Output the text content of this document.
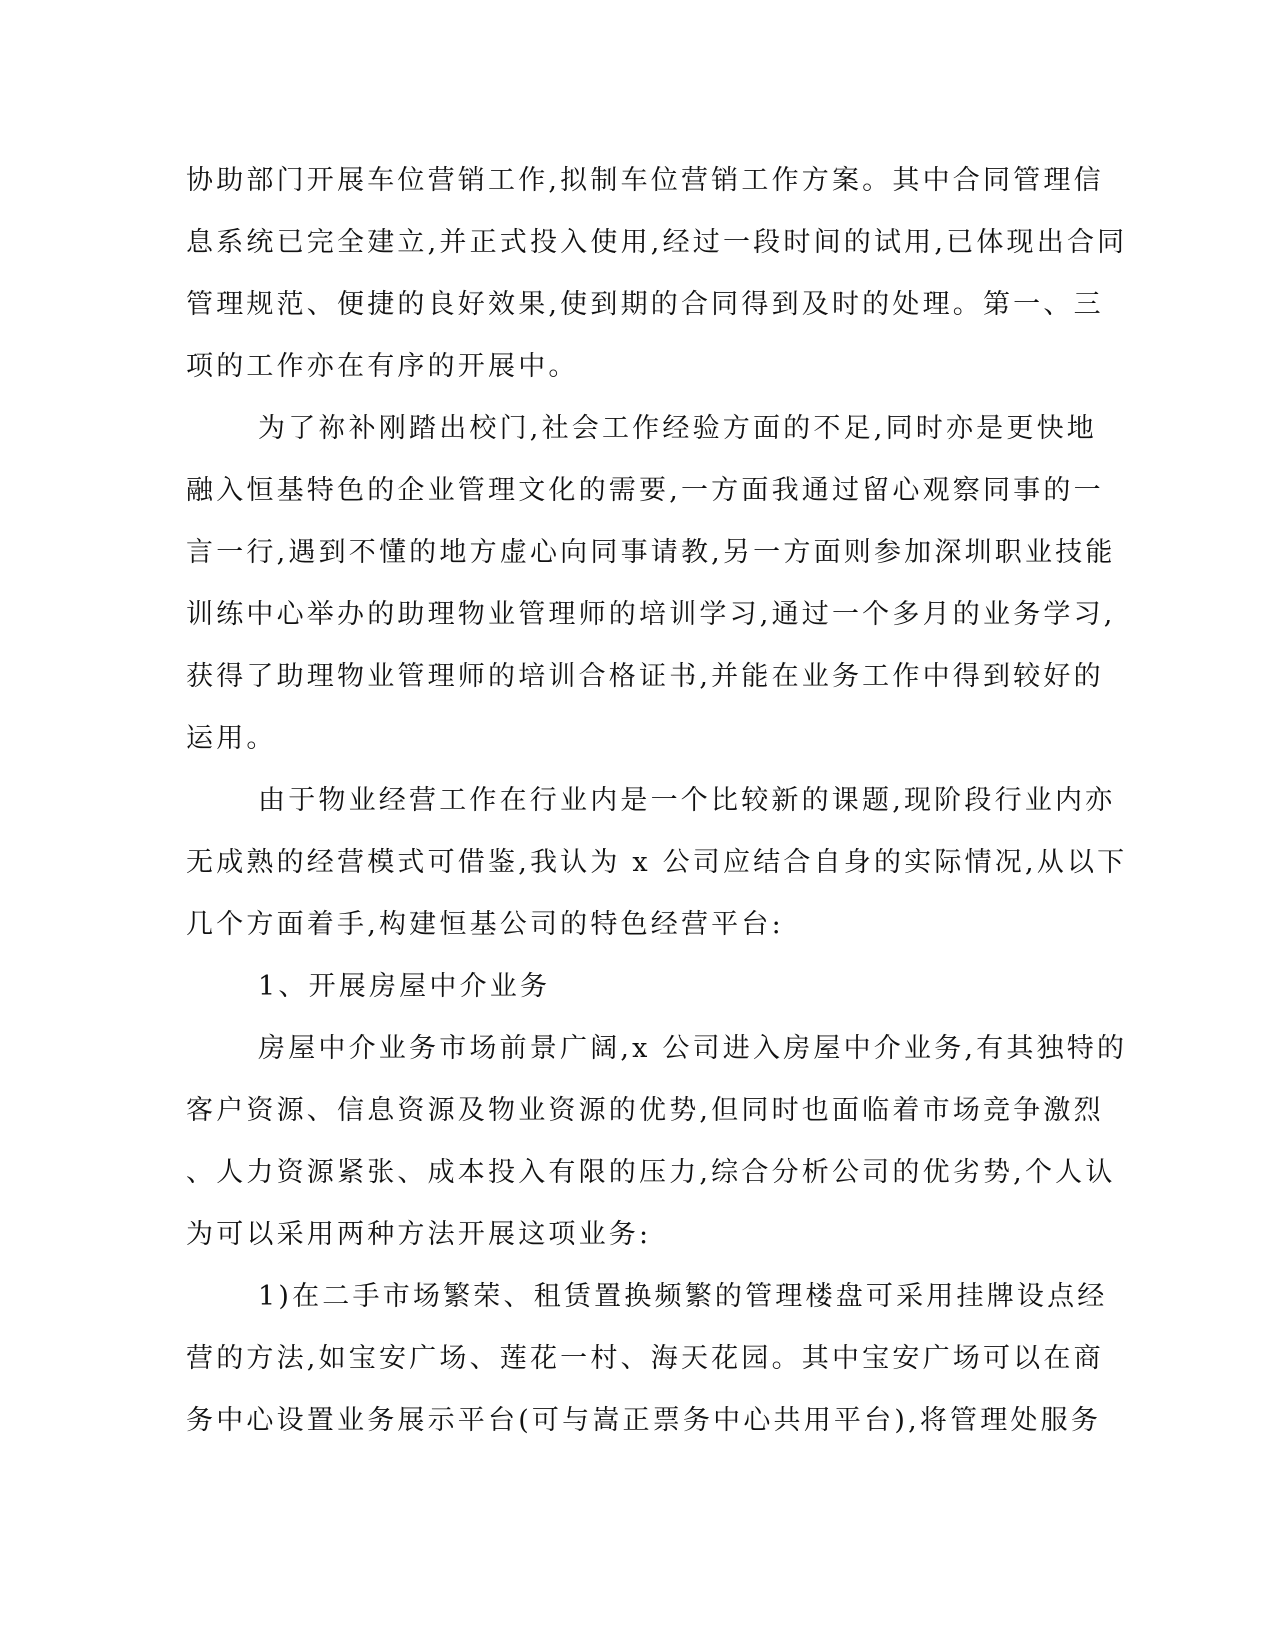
协助部门开展车位营销工作,拟制车位营销工作方案。其中合同管理信
息系统已完全建立,并正式投入使用,经过一段时间的试用,已体现出合同
管理规范、便捷的良好效果,使到期的合同得到及时的处理。第一、三
项的工作亦在有序的开展中。
为了祢补刚踏出校门,社会工作经验方面的不足,同时亦是更快地
融入恒基特色的企业管理文化的需要,一方面我通过留心观察同事的一
言一行,遇到不懂的地方虚心向同事请教,另一方面则参加深圳职业技能
训练中心举办的助理物业管理师的培训学习,通过一个多月的业务学习,
获得了助理物业管理师的培训合格证书,并能在业务工作中得到较好的
运用。
由于物业经营工作在行业内是一个比较新的课题,现阶段行业内亦
无成熟的经营模式可借鉴,我认为 x 公司应结合自身的实际情况,从以下
几个方面着手,构建恒基公司的特色经营平台:
1、开展房屋中介业务
房屋中介业务市场前景广阔,x 公司进入房屋中介业务,有其独特的
客户资源、信息资源及物业资源的优势,但同时也面临着市场竞争激烈
、人力资源紧张、成本投入有限的压力,综合分析公司的优劣势,个人认
为可以采用两种方法开展这项业务:
1)在二手市场繁荣、租赁置换频繁的管理楼盘可采用挂牌设点经
营的方法,如宝安广场、莲花一村、海天花园。其中宝安广场可以在商
务中心设置业务展示平台(可与嵩正票务中心共用平台),将管理处服务
